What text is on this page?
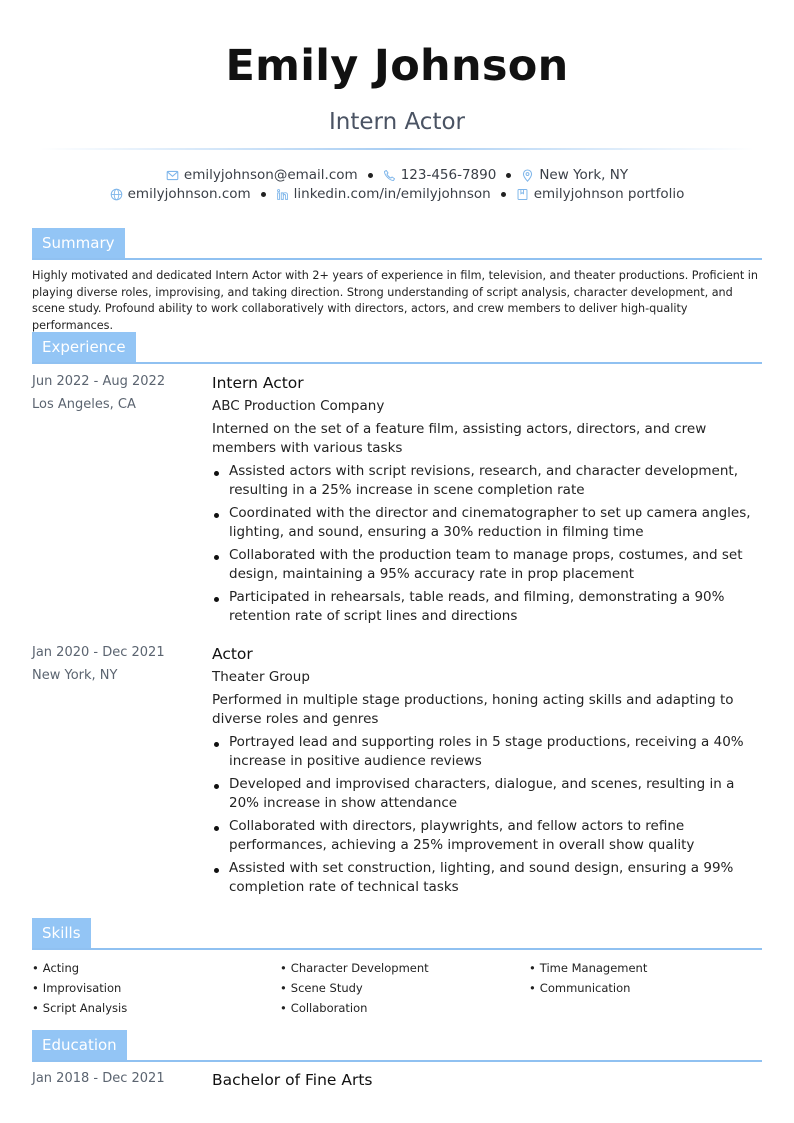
Emily Johnson
Intern Actor
emilyjohnson@email.com	123-456-7890	New York, NY
emilyjohnson.com	linkedin.com/in/emilyjohnson	emilyjohnson portfolio
Summary
Highly motivated and dedicated Intern Actor with 2+ years of experience in film, television, and theater productions. Proficient in playing diverse roles, improvising, and taking direction. Strong understanding of script analysis, character development, and scene study. Profound ability to work collaboratively with directors, actors, and crew members to deliver high-quality performances.
Experience
Jun 2022 - Aug 2022
Los Angeles, CA
Intern Actor
ABC Production Company
Interned on the set of a feature film, assisting actors, directors, and crew members with various tasks
Assisted actors with script revisions, research, and character development, resulting in a 25% increase in scene completion rate
Coordinated with the director and cinematographer to set up camera angles, lighting, and sound, ensuring a 30% reduction in filming time
Collaborated with the production team to manage props, costumes, and set design, maintaining a 95% accuracy rate in prop placement
Participated in rehearsals, table reads, and filming, demonstrating a 90% retention rate of script lines and directions
Jan 2020 - Dec 2021
New York, NY
Actor
Theater Group
Performed in multiple stage productions, honing acting skills and adapting to diverse roles and genres
Portrayed lead and supporting roles in 5 stage productions, receiving a 40% increase in positive audience reviews
Developed and improvised characters, dialogue, and scenes, resulting in a 20% increase in show attendance
Collaborated with directors, playwrights, and fellow actors to refine performances, achieving a 25% improvement in overall show quality
Assisted with set construction, lighting, and sound design, ensuring a 99% completion rate of technical tasks
Skills
• Acting
• Improvisation
• Script Analysis
• Character Development
• Scene Study
• Collaboration
• Time Management
• Communication
Education
Jan 2018 - Dec 2021	Bachelor of Fine Arts
